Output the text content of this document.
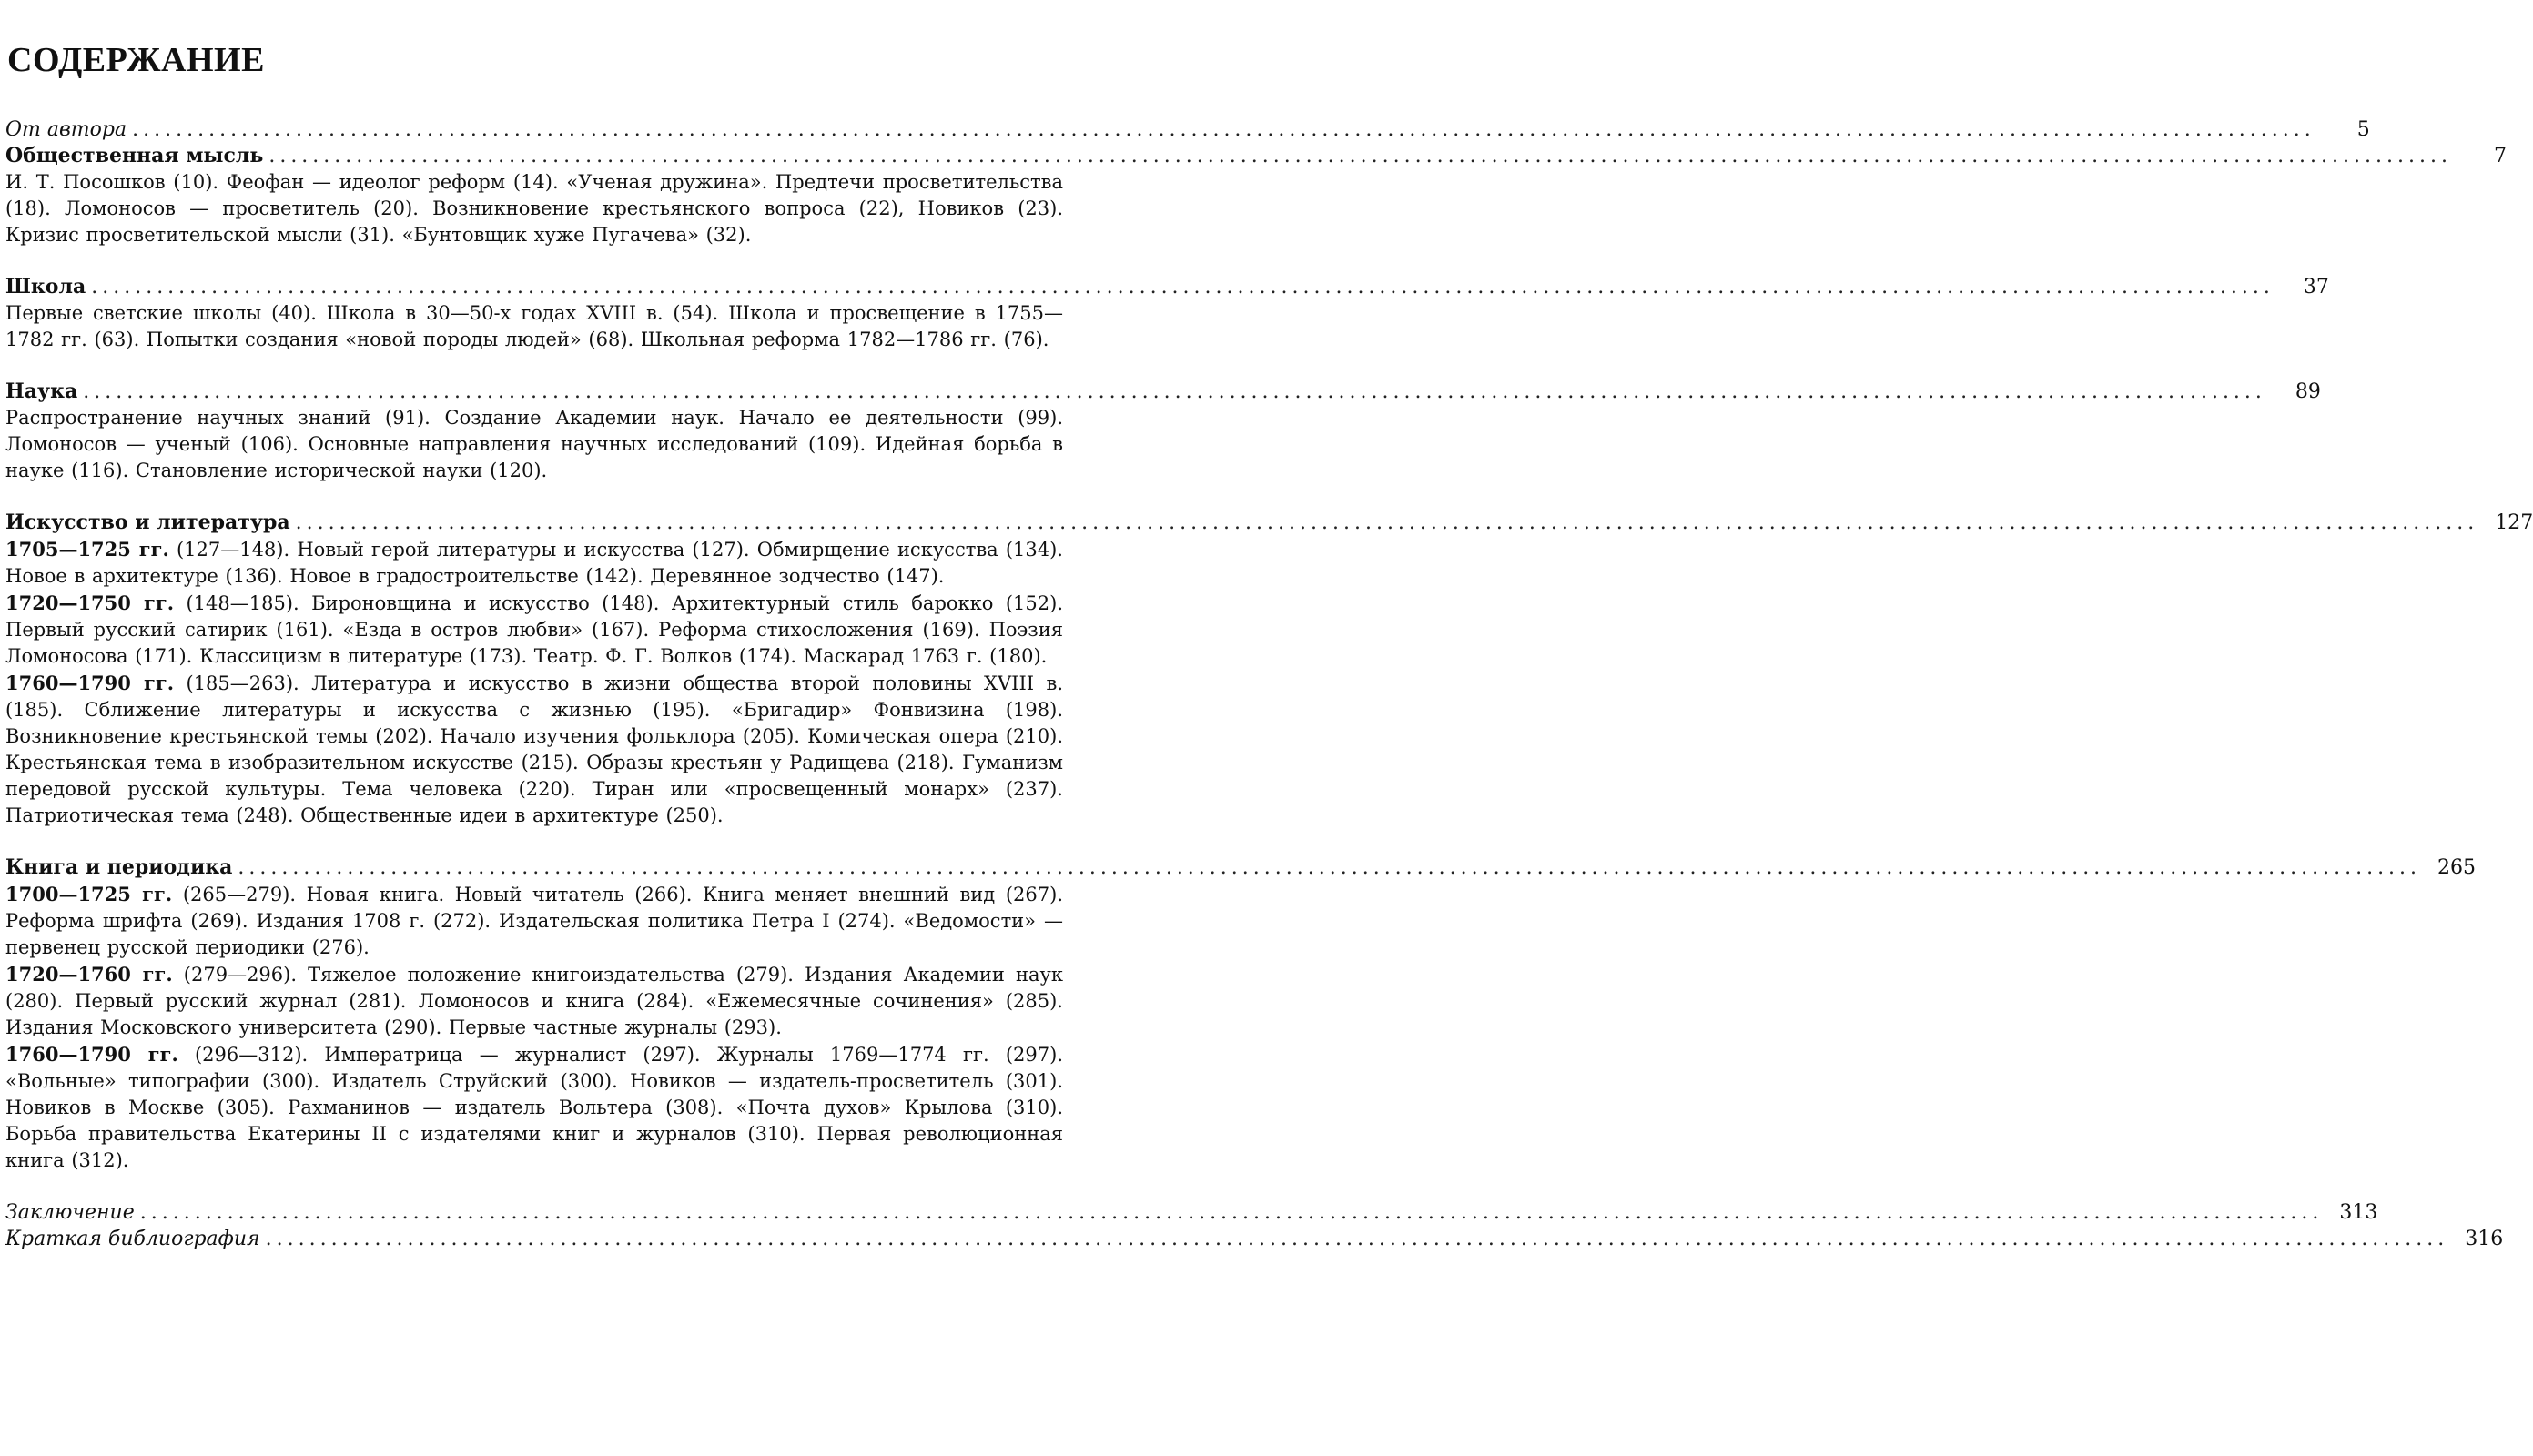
СОДЕРЖАНИЕ
От автора ........................................................................................................................................................................................................	5
Общественная мысль ........................................................................................................................................................................................................	7

И. Т. Посошков (10). Феофан — идеолог реформ (14). «Ученая дружина». Предтечи просветительства (18). Ломоносов — просветитель (20). Возникновение крестьянского вопроса (22), Новиков (23). Кризис просветительской мысли (31). «Бунтовщик хуже Пугачева» (32).

Школа ........................................................................................................................................................................................................	37

Первые светские школы (40). Школа в 30—50-х годах XVIII в. (54). Школа и просвещение в 1755—1782 гг. (63). Попытки создания «новой породы людей» (68). Школьная реформа 1782—1786 гг. (76).

Наука ........................................................................................................................................................................................................	89

Распространение научных знаний (91). Создание Академии наук. Начало ее деятельности (99). Ломоносов — ученый (106). Основные направления научных исследований (109). Идейная борьба в науке (116). Становление исторической науки (120).

Искусство и литература ........................................................................................................................................................................................................ 127

1705—1725 гг. (127—148). Новый герой литературы и искусства (127). Обмирщение искусства (134). Новое в архитектуре (136). Новое в градостроительстве (142). Деревянное зодчество (147).

1720—1750 гг. (148—185). Бироновщина и искусство (148). Архитектурный стиль барокко (152). Первый русский сатирик (161). «Езда в остров любви» (167). Реформа стихосложения (169). Поэзия Ломоносова (171). Классицизм в литературе (173). Театр. Ф. Г. Волков (174). Маскарад 1763 г. (180).

1760—1790 гг. (185—263). Литература и искусство в жизни общества второй половины XVIII в. (185). Сближение литературы и искусства с жизнью (195). «Бригадир» Фонвизина (198). Возникновение крестьянской темы (202). Начало изучения фольклора (205). Комическая опера (210). Крестьянская тема в изобразительном искусстве (215). Образы крестьян у Радищева (218). Гуманизм передовой русской культуры. Тема человека (220). Тиран или «просвещенный монарх» (237). Патриотическая тема (248). Общественные идеи в архитектуре (250).

Книга и периодика ........................................................................................................................................................................................................ 265

1700—1725 гг. (265—279). Новая книга. Новый читатель (266). Книга меняет внешний вид (267). Реформа шрифта (269). Издания 1708 г. (272). Издательская политика Петра I (274). «Ведомости» — первенец русской периодики (276).

1720—1760 гг. (279—296). Тяжелое положение книгоиздательства (279). Издания Академии наук (280). Первый русский журнал (281). Ломоносов и книга (284). «Ежемесячные сочинения» (285). Издания Московского университета (290). Первые частные журналы (293).

1760—1790 гг. (296—312). Императрица — журналист (297). Журналы 1769—1774 гг. (297). «Вольные» типографии (300). Издатель Струйский (300). Новиков — издатель-просветитель (301). Новиков в Москве (305). Рахманинов — издатель Вольтера (308). «Почта духов» Крылова (310). Борьба правительства Екатерины II с издателями книг и журналов (310). Первая революционная книга (312).

Заключение ........................................................................................................................................................................................................ 313
Краткая библиография ........................................................................................................................................................................................................ 316
